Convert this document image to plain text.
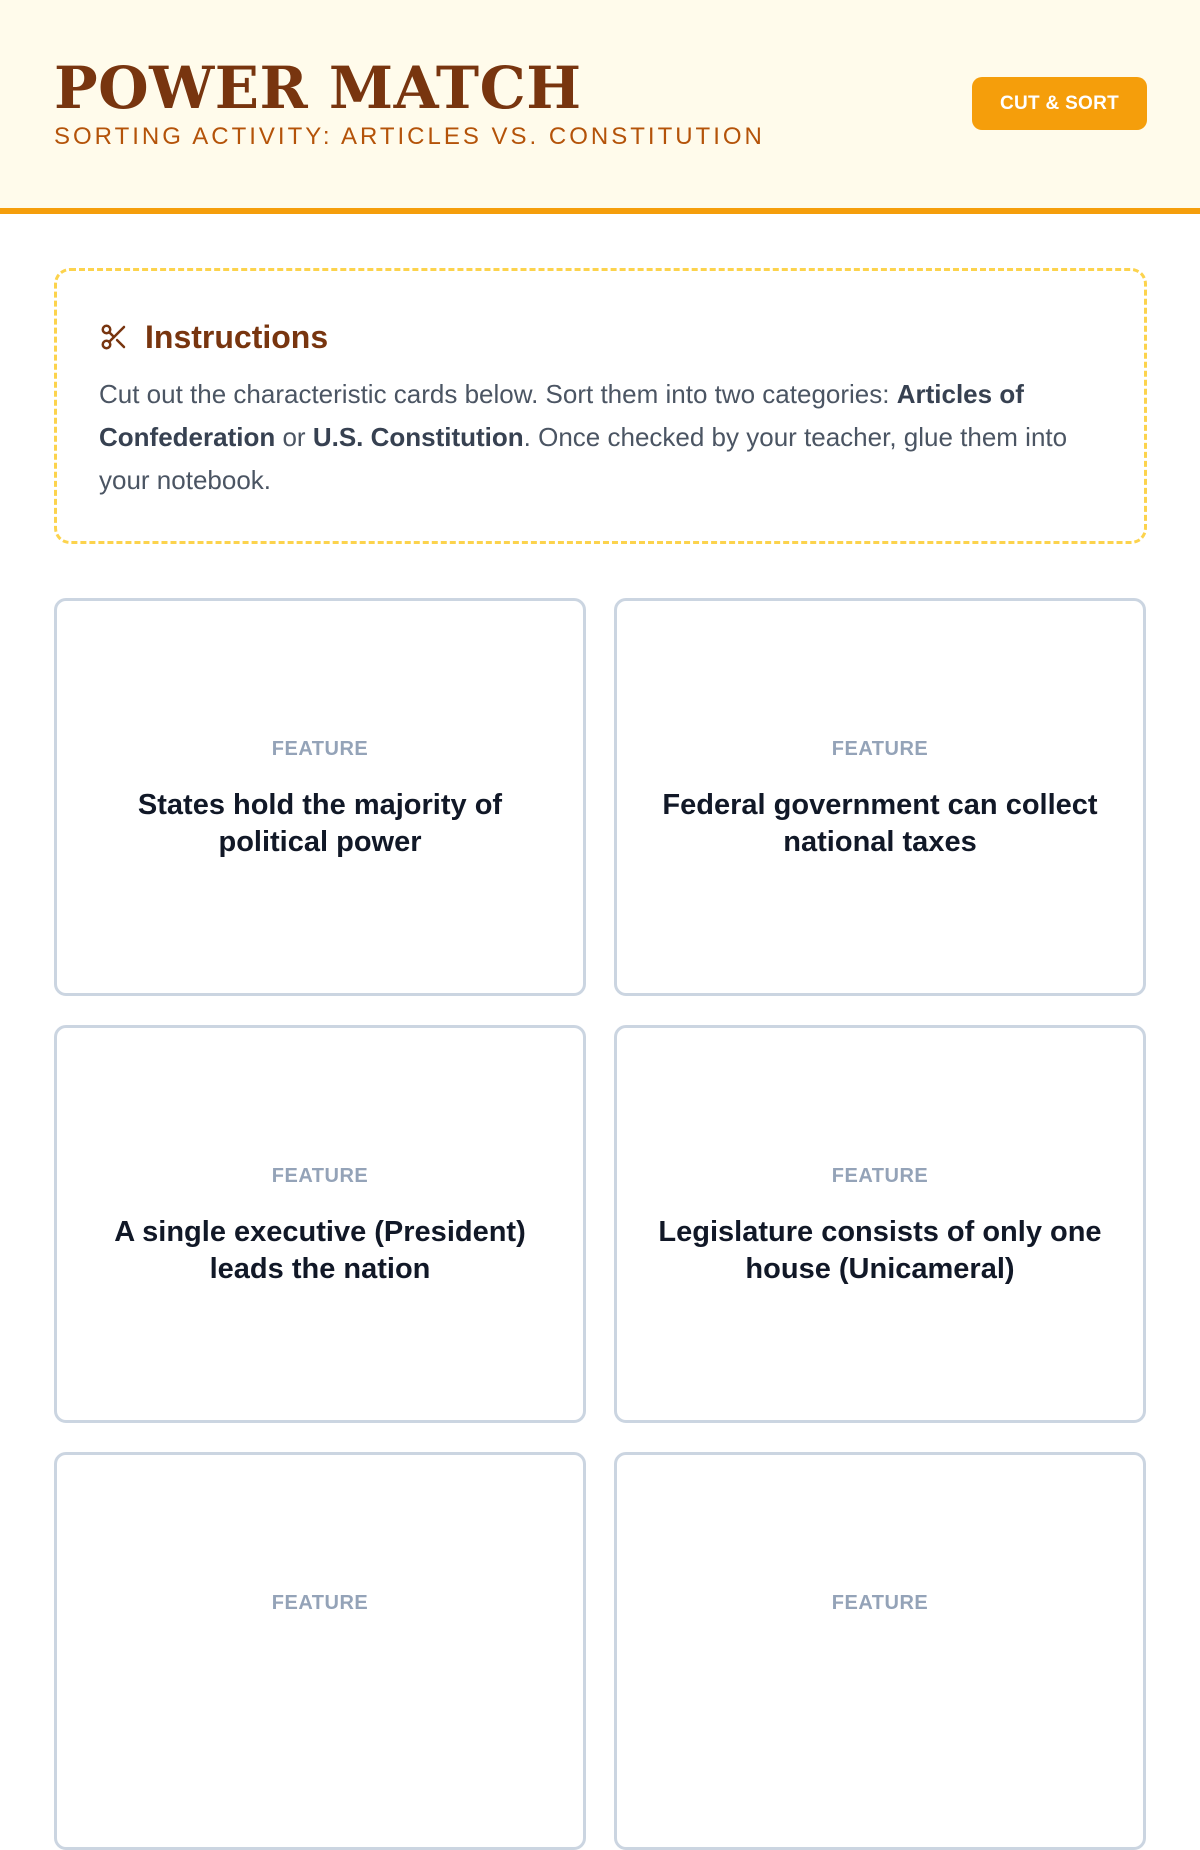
POWER MATCH
SORTING ACTIVITY: ARTICLES VS. CONSTITUTION
CUT & SORT
Instructions

Cut out the characteristic cards below. Sort them into two categories: Articles of Confederation or U.S. Constitution. Once checked by your teacher, glue them into your notebook.

FEATURE
States hold the majority of political power
FEATURE
Federal government can collect national taxes
FEATURE
A single executive (President) leads the nation
FEATURE
Legislature consists of only one house (Unicameral)
FEATURE	FEATURE
